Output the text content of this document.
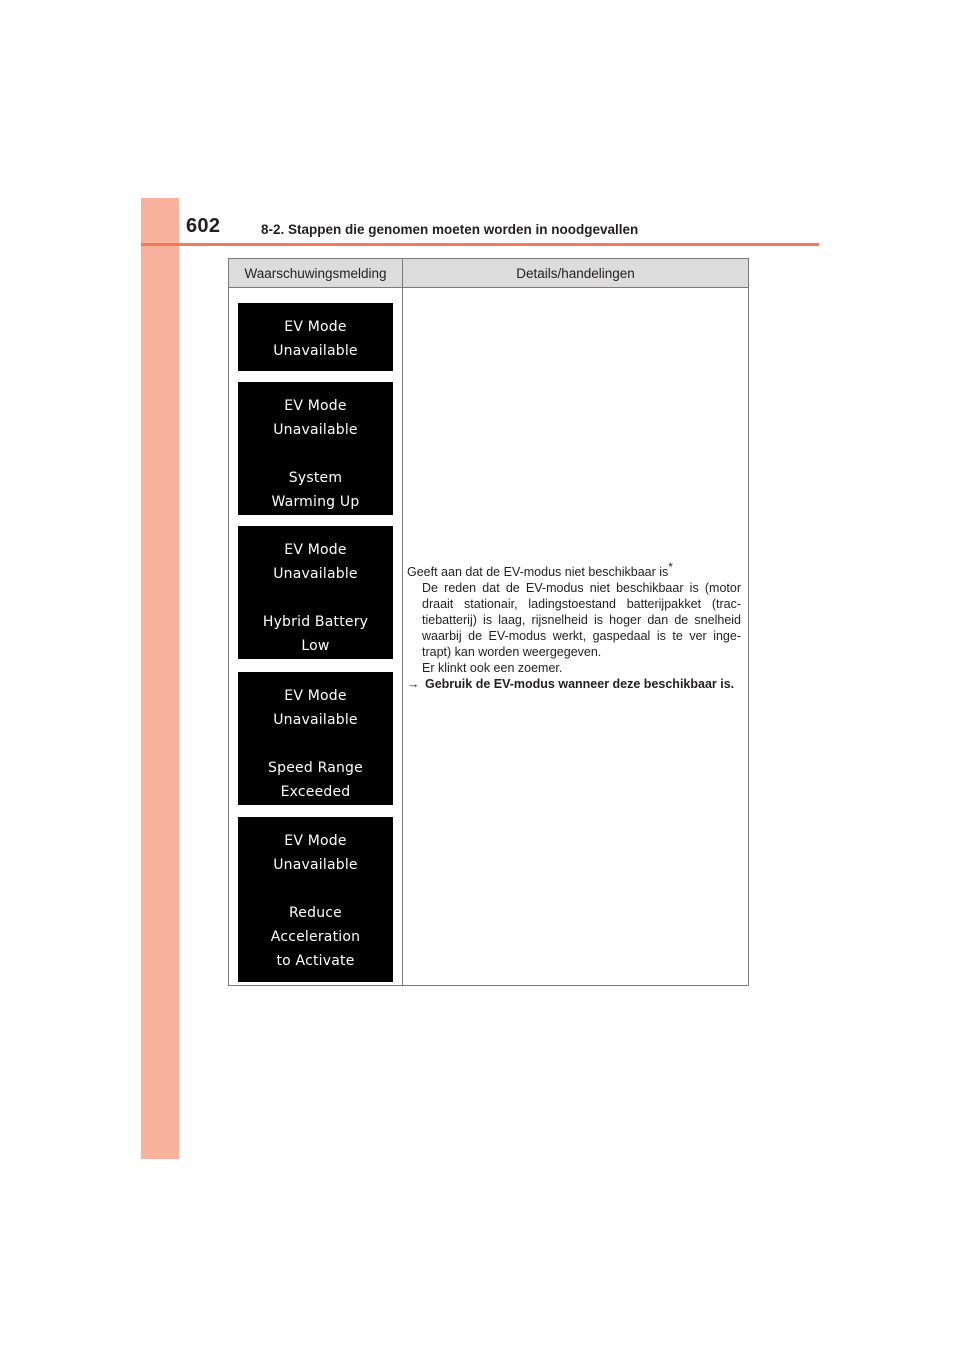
602	8-2. Stappen die genomen moeten worden in noodgevallen
Waarschuwingsmelding	Details/handelingen
EV Mode
Unavailable
EV Mode
Unavailable
System
Warming Up
EV Mode
Unavailable
Hybrid Battery
Low
EV Mode
Unavailable
Speed Range
Exceeded
EV Mode
Unavailable
Reduce
Acceleration
to Activate

Geeft aan dat de EV-modus niet beschikbaar is*

De reden dat de EV-modus niet beschikbaar is (motor draait stationair, ladingstoestand batterijpakket (trac-tiebatterij) is laag, rijsnelheid is hoger dan de snelheid waarbij de EV-modus werkt, gaspedaal is te ver inge-trapt) kan worden weergegeven.

Er klinkt ook een zoemer.

→ Gebruik de EV-modus wanneer deze beschikbaar is.
